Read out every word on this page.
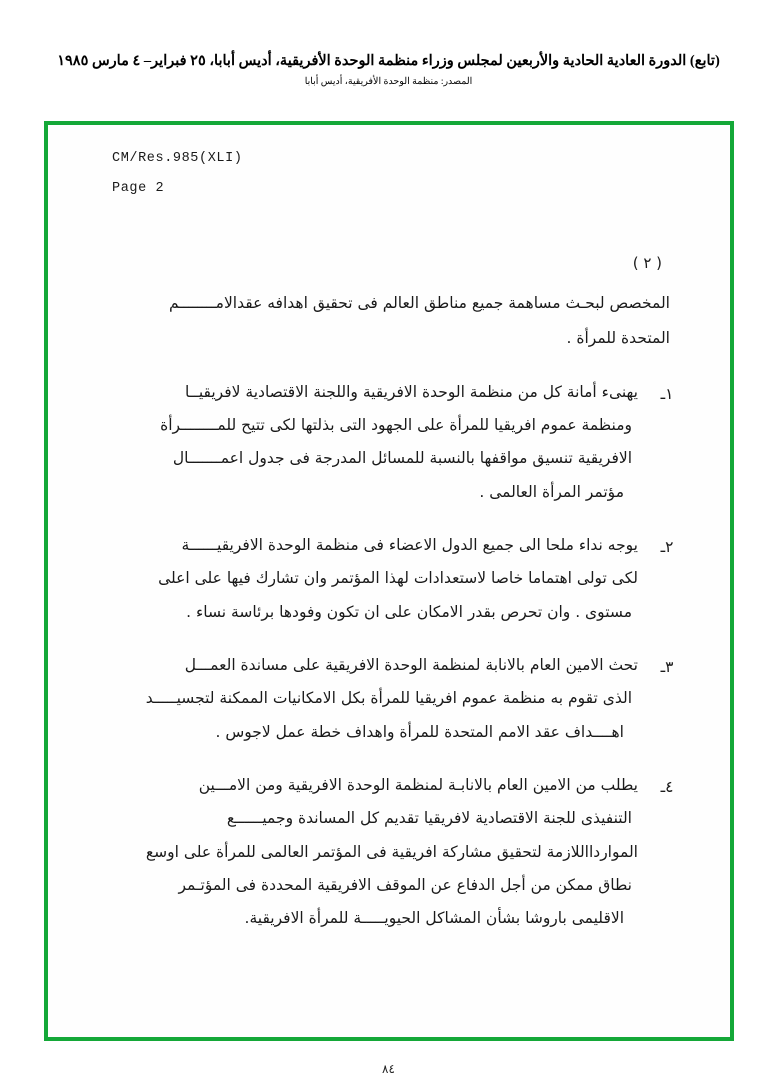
(تابع) الدورة العادية الحادية والأربعين لمجلس وزراء منظمة الوحدة الأفريقية، أديس أبابا، ٢٥ فبراير– ٤ مارس ١٩٨٥
المصدر: منظمة الوحدة الأفريقية، أديس أبابا
CM/Res.985(XLI)
Page 2
( ٢ )
المخصص لبحـث مساهمة جميع مناطق العالم فى تحقيق اهدافه عقدالامــــــــم
المتحدة للمرأة .
١ـ
يهنىء أمانة كل من منظمة الوحدة الافريقية واللجنة الاقتصادية لافريقيــا
ومنظمة عموم افريقيا للمرأة على الجهود التى بذلتها لكى تتيح للمــــــــرأة
الافريقية تنسيق مواقفها بالنسبة للمسائل المدرجة فى جدول اعمـــــــال
مؤتمر المرأة العالمى .
٢ـ
يوجه نداء ملحا الى جميع الدول الاعضاء فى منظمة الوحدة الافريقيــــــة
لكى تولى اهتماما خاصا لاستعدادات لهذا المؤتمر وان تشارك فيها على اعلى
مستوى . وان تحرص بقدر الامكان على ان تكون وفودها برئاسة نساء .
٣ـ
تحث الامين العام بالانابة لمنظمة الوحدة الافريقية على مساندة العمـــل
الذى تقوم به منظمة عموم افريقيا للمرأة بكل الامكانيات الممكنة لتجسيـــــد
اهــــداف عقد الامم المتحدة للمرأة واهداف خطة عمل لاجوس .
٤ـ
يطلب من الامين العام بالانابـة لمنظمة الوحدة الافريقية ومن الامـــين
التنفيذى للجنة الاقتصادية لافريقيا تقديم كل المساندة وجميــــــع
المواردااللازمة لتحقيق مشاركة افريقية فى المؤتمر العالمى للمرأة على اوسع
نطاق ممكن من أجل الدفاع عن الموقف الافريقية المحددة فى المؤتـمر
الاقليمى باروشا بشأن المشاكل الحيويـــــة للمرأة الافريقية.
٨٤
